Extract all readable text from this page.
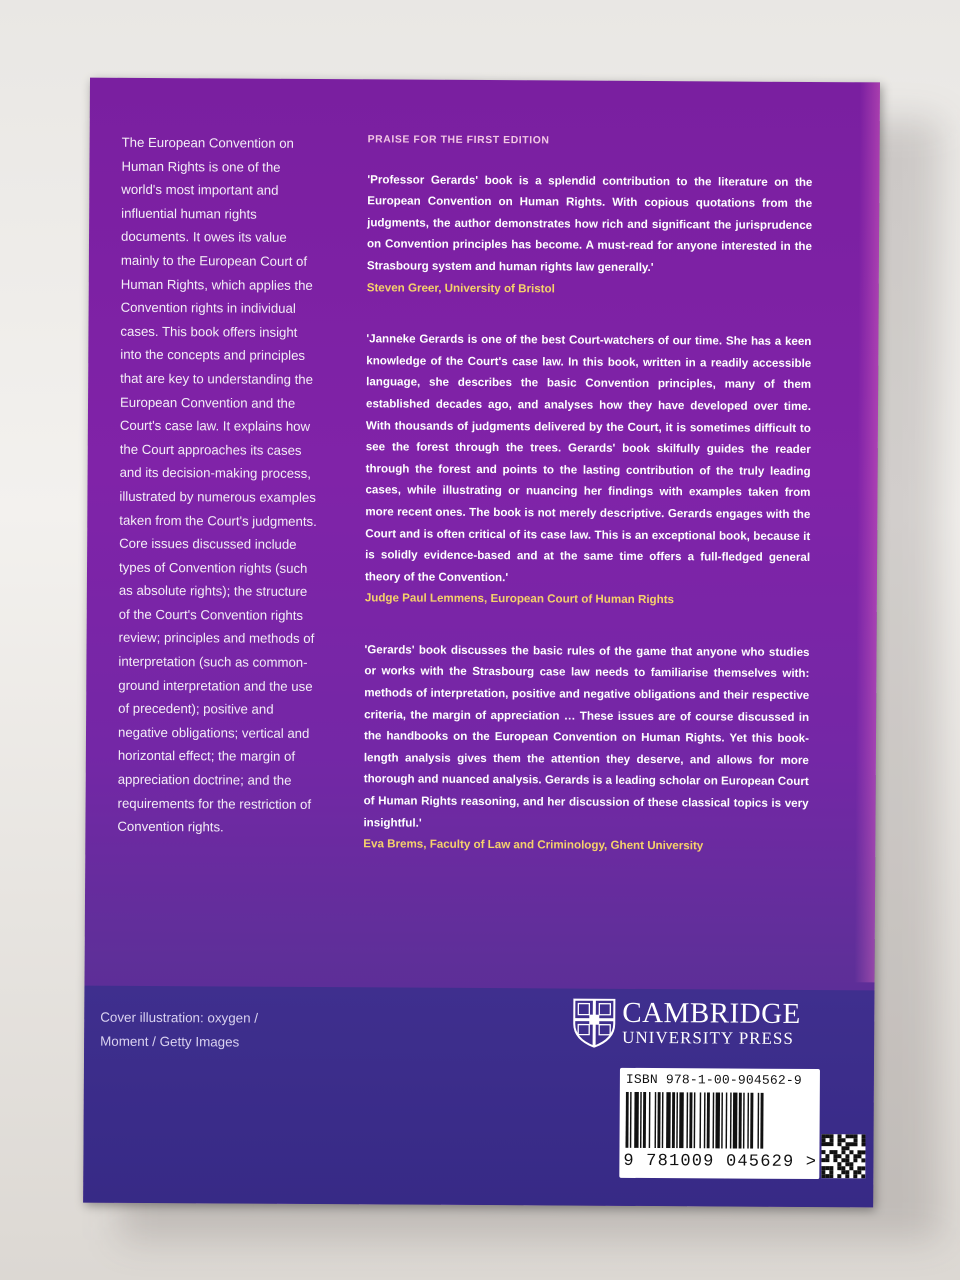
The European Convention on Human Rights is one of the world's most important and influential human rights documents. It owes its value mainly to the European Court of Human Rights, which applies the Convention rights in individual cases. This book offers insight into the concepts and principles that are key to understanding the European Convention and the Court's case law. It explains how the Court approaches its cases and its decision-making process, illustrated by numerous examples taken from the Court's judgments. Core issues discussed include types of Convention rights (such as absolute rights); the structure of the Court's Convention rights review; principles and methods of interpretation (such as common-ground interpretation and the use of precedent); positive and negative obligations; vertical and horizontal effect; the margin of appreciation doctrine; and the requirements for the restriction of Convention rights.

PRAISE FOR THE FIRST EDITION

'Professor Gerards' book is a splendid contribution to the literature on the European Convention on Human Rights. With copious quotations from the judgments, the author demonstrates how rich and significant the jurisprudence on Convention principles has become. A must-read for anyone interested in the Strasbourg system and human rights law generally.'

Steven Greer, University of Bristol

'Janneke Gerards is one of the best Court-watchers of our time. She has a keen knowledge of the Court's case law. In this book, written in a readily accessible language, she describes the basic Convention principles, many of them established decades ago, and analyses how they have developed over time. With thousands of judgments delivered by the Court, it is sometimes difficult to see the forest through the trees. Gerards' book skilfully guides the reader through the forest and points to the lasting contribution of the truly leading cases, while illustrating or nuancing her findings with examples taken from more recent ones. The book is not merely descriptive. Gerards engages with the Court and is often critical of its case law. This is an exceptional book, because it is solidly evidence-based and at the same time offers a full-fledged general theory of the Convention.'

Judge Paul Lemmens, European Court of Human Rights

'Gerards' book discusses the basic rules of the game that anyone who studies or works with the Strasbourg case law needs to familiarise themselves with: methods of interpretation, positive and negative obligations and their respective criteria, the margin of appreciation … These issues are of course discussed in the handbooks on the European Convention on Human Rights. Yet this book-length analysis gives them the attention they deserve, and allows for more thorough and nuanced analysis. Gerards is a leading scholar on European Court of Human Rights reasoning, and her discussion of these classical topics is very insightful.'

Eva Brems, Faculty of Law and Criminology, Ghent University

Cover illustration: oxygen / Moment / Getty Images
CAMBRIDGE
UNIVERSITY PRESS
ISBN 978-1-00-904562-9
9 781009 045629 >
